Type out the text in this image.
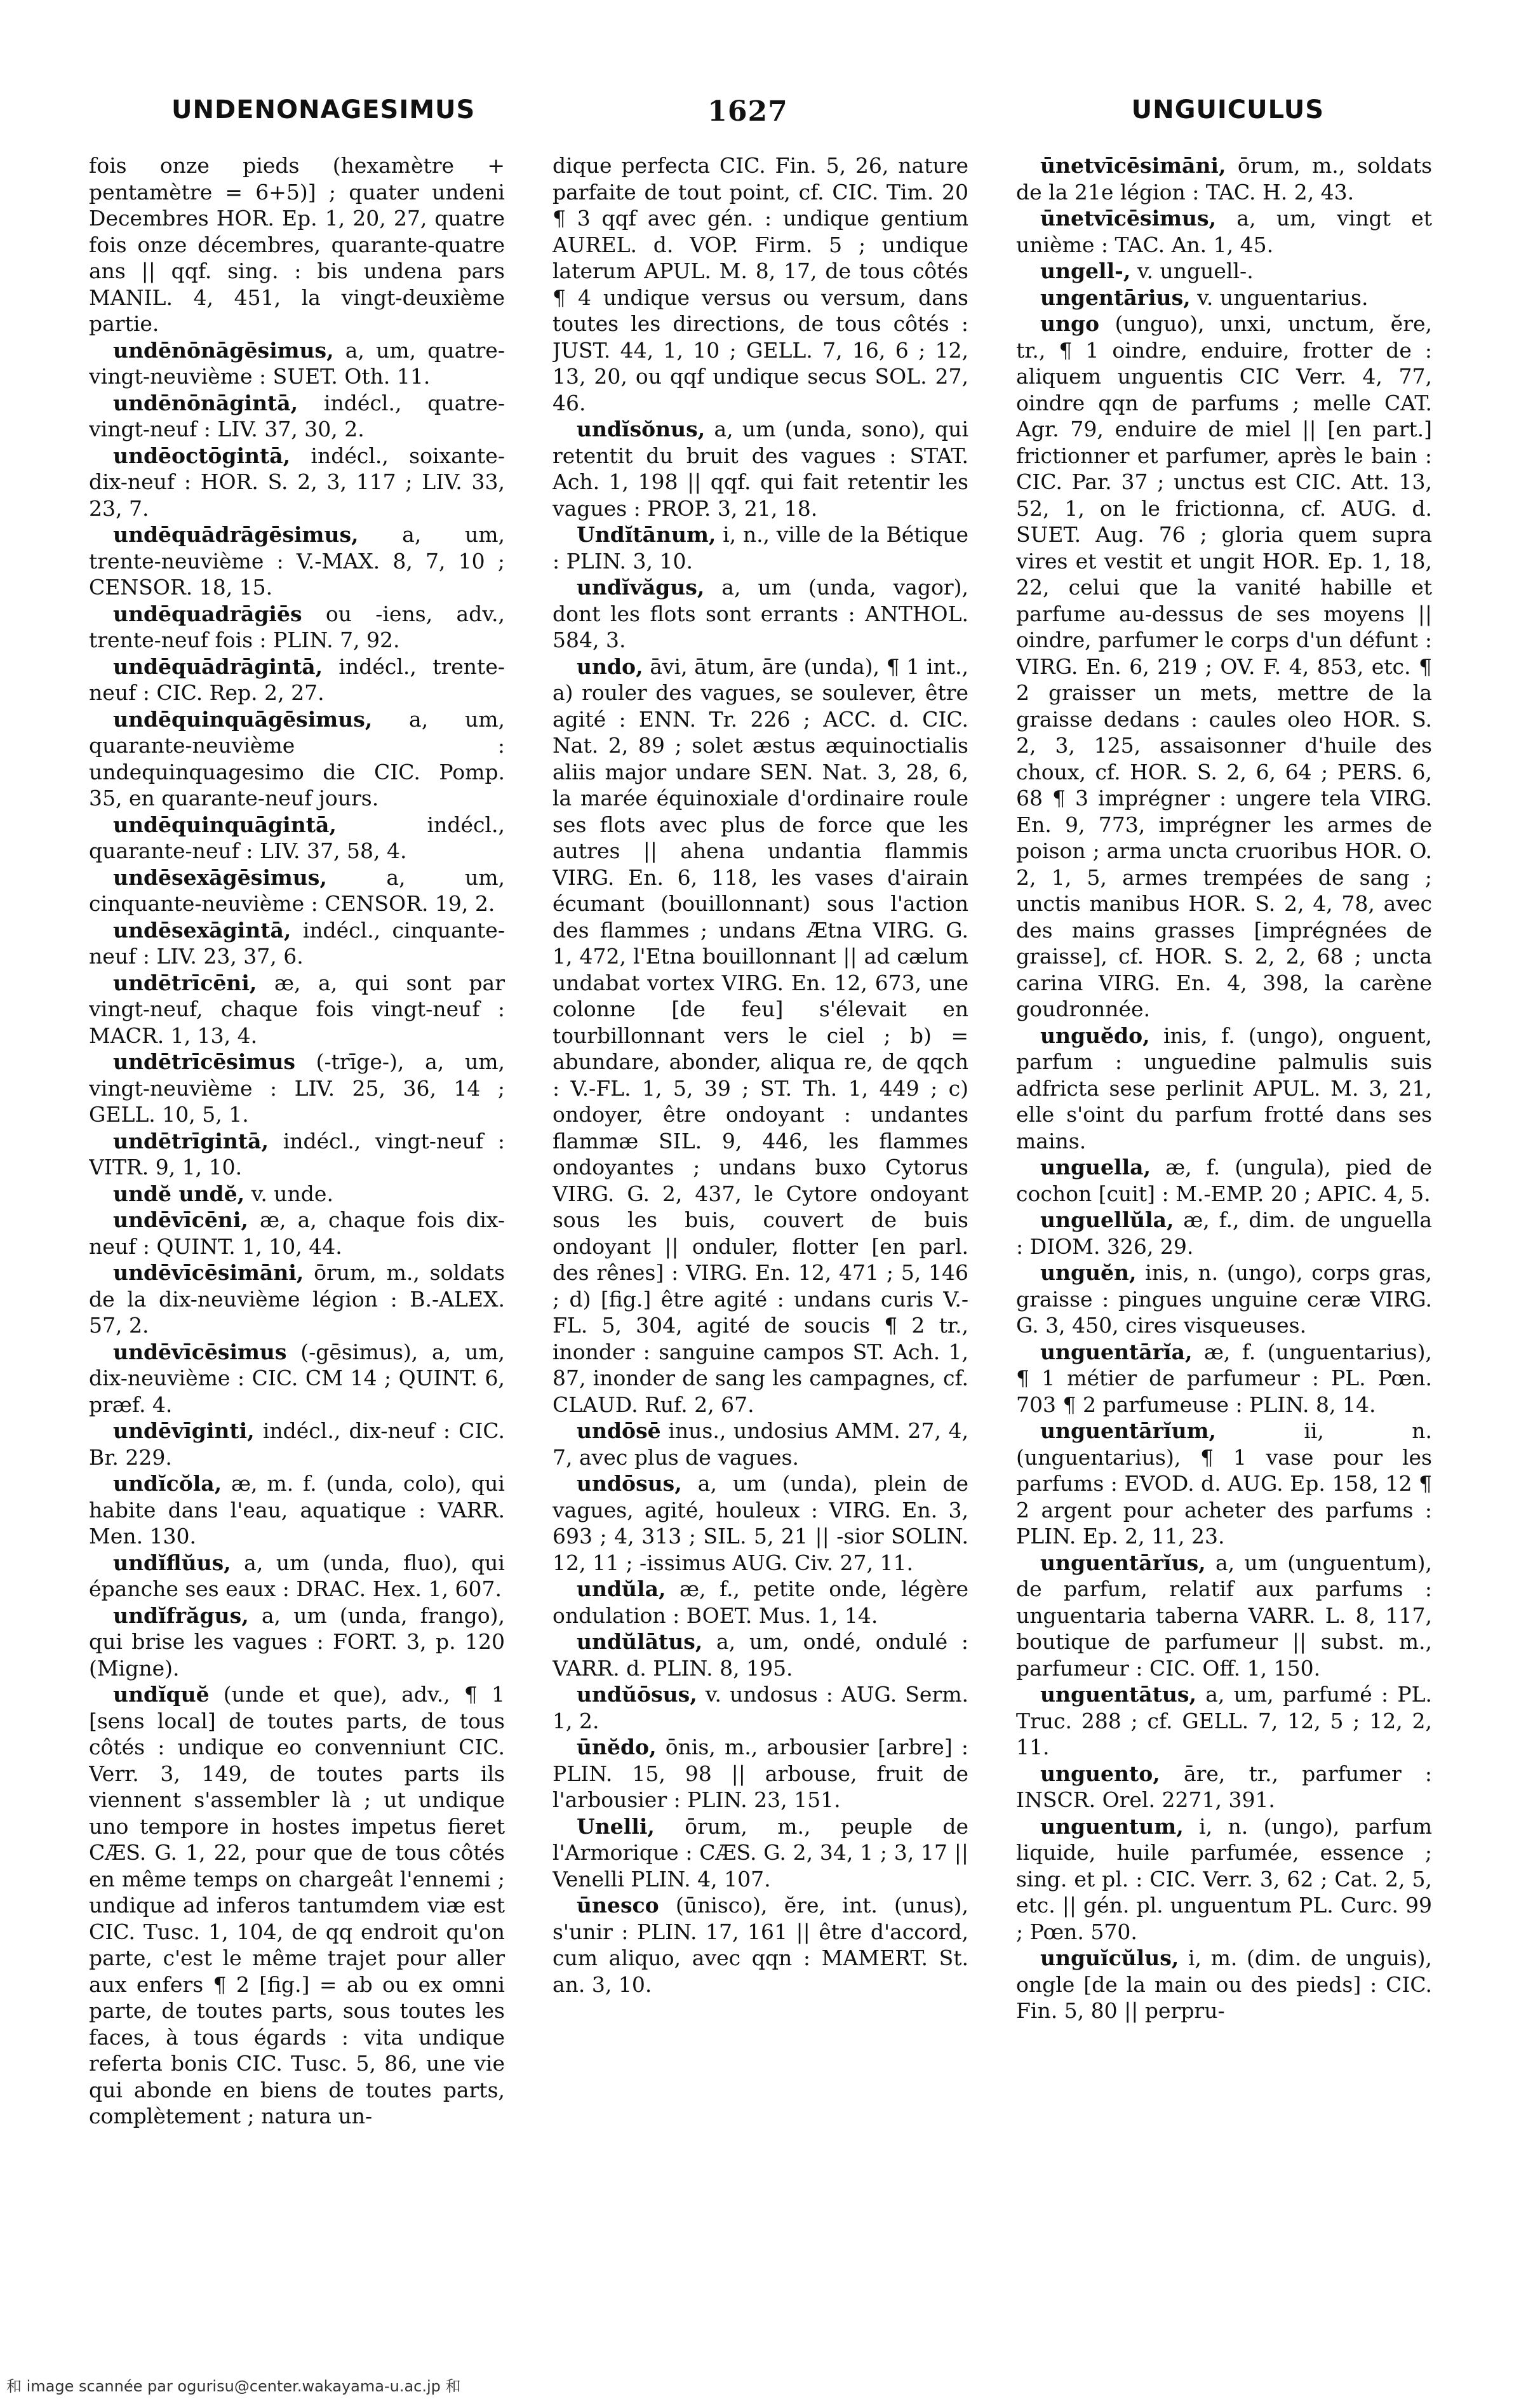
UNDENONAGESIMUS	1627	UNGUICULUS

fois onze pieds (hexamètre + pentamètre = 6+5)] ; quater undeni Decembres HOR. Ep. 1, 20, 27, quatre fois onze décembres, quarante-quatre ans || qqf. sing. : bis undena pars MANIL. 4, 451, la vingt-deuxième partie.

undēnōnāgēsimus, a, um, quatre-vingt-neuvième : SUET. Oth. 11.

undēnōnāgintā, indécl., quatre-vingt-neuf : LIV. 37, 30, 2.

undēoctōgintā, indécl., soixante-dix-neuf : HOR. S. 2, 3, 117 ; LIV. 33, 23, 7.

undēquādrāgēsimus, a, um, trente-neuvième : V.-MAX. 8, 7, 10 ; CENSOR. 18, 15.

undēquadrāgiēs ou -iens, adv., trente-neuf fois : PLIN. 7, 92.

undēquādrāgintā, indécl., trente-neuf : CIC. Rep. 2, 27.

undēquinquāgēsimus, a, um, quarante-neuvième : undequinquagesimo die CIC. Pomp. 35, en quarante-neuf jours.

undēquinquāgintā,	indécl., quarante-neuf : LIV. 37, 58, 4.

undēsexāgēsimus,	a, um, cinquante-neuvième : CENSOR. 19, 2.

undēsexāgintā, indécl., cinquante-neuf : LIV. 23, 37, 6.

undētrīcēni, æ, a, qui sont par vingt-neuf, chaque fois vingt-neuf : MACR. 1, 13, 4.

undētrīcēsimus (-trīge-), a, um, vingt-neuvième : LIV. 25, 36, 14 ; GELL. 10, 5, 1.

undētrīgintā, indécl., vingt-neuf : VITR. 9, 1, 10.

undĕ undĕ, v. unde.

undēvīcēni, æ, a, chaque fois dix-neuf : QUINT. 1, 10, 44.

undēvīcēsimāni, ōrum, m., soldats de la dix-neuvième légion : B.-ALEX. 57, 2.

undēvīcēsimus (-gēsimus), a, um, dix-neuvième : CIC. CM 14 ; QUINT. 6, præf. 4.

undēvīginti, indécl., dix-neuf : CIC. Br. 229.

undĭcŏla, æ, m. f. (unda, colo), qui habite dans l'eau, aquatique : VARR. Men. 130.

undĭflŭus, a, um (unda, fluo), qui épanche ses eaux : DRAC. Hex. 1, 607.

undĭfrăgus, a, um (unda, frango), qui brise les vagues : FORT. 3, p. 120 (Migne).

undĭquĕ (unde et que), adv., ¶ 1 [sens local] de toutes parts, de tous côtés : undique eo convenniunt CIC. Verr. 3, 149, de toutes parts ils viennent s'assembler là ; ut undique uno tempore in hostes impetus fieret CÆS. G. 1, 22, pour que de tous côtés en même temps on chargeât l'ennemi ; undique ad inferos tantumdem viæ est CIC. Tusc. 1, 104, de qq endroit qu'on parte, c'est le même trajet pour aller aux enfers ¶ 2 [fig.] = ab ou ex omni parte, de toutes parts, sous toutes les faces, à tous égards : vita undique referta bonis CIC. Tusc. 5, 86, une vie qui abonde en biens de toutes parts, complètement ; natura un-

dique perfecta CIC. Fin. 5, 26, nature parfaite de tout point, cf. CIC. Tim. 20 ¶ 3 qqf avec gén. : undique gentium AUREL. d. VOP. Firm. 5 ; undique laterum APUL. M. 8, 17, de tous côtés ¶ 4 undique versus ou versum, dans toutes les directions, de tous côtés : JUST. 44, 1, 10 ; GELL. 7, 16, 6 ; 12, 13, 20, ou qqf undique secus SOL. 27, 46.

undĭsŏnus, a, um (unda, sono), qui retentit du bruit des vagues : STAT. Ach. 1, 198 || qqf. qui fait retentir les vagues : PROP. 3, 21, 18.

Undĭtānum, i, n., ville de la Bétique : PLIN. 3, 10.

undĭvăgus, a, um (unda, vagor), dont les flots sont errants : ANTHOL. 584, 3.

undo, āvi, ātum, āre (unda), ¶ 1 int., a) rouler des vagues, se soulever, être agité : ENN. Tr. 226 ; ACC. d. CIC. Nat. 2, 89 ; solet æstus æquinoctialis aliis major undare SEN. Nat. 3, 28, 6, la marée équinoxiale d'ordinaire roule ses flots avec plus de force que les autres || ahena undantia flammis VIRG. En. 6, 118, les vases d'airain écumant (bouillonnant) sous l'action des flammes ; undans Ætna VIRG. G. 1, 472, l'Etna bouillonnant || ad cælum undabat vortex VIRG. En. 12, 673, une colonne [de feu] s'élevait en tourbillonnant vers le ciel ; b) = abundare, abonder, aliqua re, de qqch : V.-FL. 1, 5, 39 ; ST. Th. 1, 449 ; c) ondoyer, être ondoyant : undantes flammæ SIL. 9, 446, les flammes ondoyantes ; undans buxo Cytorus VIRG. G. 2, 437, le Cytore ondoyant sous les buis, couvert de buis ondoyant || onduler, flotter [en parl. des rênes] : VIRG. En. 12, 471 ; 5, 146 ; d) [fig.] être agité : undans curis V.-FL. 5, 304, agité de soucis ¶ 2 tr., inonder : sanguine campos ST. Ach. 1, 87, inonder de sang les campagnes, cf. CLAUD. Ruf. 2, 67.

undōsē inus., undosius AMM. 27, 4, 7, avec plus de vagues.

undōsus, a, um (unda), plein de vagues, agité, houleux : VIRG. En. 3, 693 ; 4, 313 ; SIL. 5, 21 || -sior SOLIN. 12, 11 ; -issimus AUG. Civ. 27, 11.

undŭla, æ, f., petite onde, légère ondulation : BOET. Mus. 1, 14.

undŭlātus, a, um, ondé, ondulé : VARR. d. PLIN. 8, 195.

undŭōsus, v. undosus : AUG. Serm. 1, 2.

ūnĕdo, ōnis, m., arbousier [arbre] : PLIN. 15, 98 || arbouse, fruit de l'arbousier : PLIN. 23, 151.

Unelli, ōrum, m., peuple de l'Armorique : CÆS. G. 2, 34, 1 ; 3, 17 || Venelli PLIN. 4, 107.

ūnesco (ūnisco), ĕre, int. (unus), s'unir : PLIN. 17, 161 || être d'accord, cum aliquo, avec qqn : MAMERT. St. an. 3, 10.

ūnetvīcēsimāni, ōrum, m., soldats de la 21e légion : TAC. H. 2, 43.

ūnetvīcēsimus, a, um, vingt et unième : TAC. An. 1, 45.

ungell-, v. unguell-.

ungentārius, v. unguentarius.

ungo (unguo), unxi, unctum, ĕre, tr., ¶ 1 oindre, enduire, frotter de : aliquem unguentis CIC Verr. 4, 77, oindre qqn de parfums ; melle CAT. Agr. 79, enduire de miel || [en part.] frictionner et parfumer, après le bain : CIC. Par. 37 ; unctus est CIC. Att. 13, 52, 1, on le frictionna, cf. AUG. d. SUET. Aug. 76 ; gloria quem supra vires et vestit et ungit HOR. Ep. 1, 18, 22, celui que la vanité habille et parfume au-dessus de ses moyens || oindre, parfumer le corps d'un défunt : VIRG. En. 6, 219 ; OV. F. 4, 853, etc. ¶ 2 graisser un mets, mettre de la graisse dedans : caules oleo HOR. S. 2, 3, 125, assaisonner d'huile des choux, cf. HOR. S. 2, 6, 64 ; PERS. 6, 68 ¶ 3 imprégner : ungere tela VIRG. En. 9, 773, imprégner les armes de poison ; arma uncta cruoribus HOR. O. 2, 1, 5, armes trempées de sang ; unctis manibus HOR. S. 2, 4, 78, avec des mains grasses [imprégnées de graisse], cf. HOR. S. 2, 2, 68 ; uncta carina VIRG. En. 4, 398, la carène goudronnée.

unguĕdo, inis, f. (ungo), onguent, parfum : unguedine palmulis suis adfricta sese perlinit APUL. M. 3, 21, elle s'oint du parfum frotté dans ses mains.

unguella, æ, f. (ungula), pied de cochon [cuit] : M.-EMP. 20 ; APIC. 4, 5.

unguellŭla, æ, f., dim. de unguella : DIOM. 326, 29.

unguĕn, inis, n. (ungo), corps gras, graisse : pingues unguine ceræ VIRG. G. 3, 450, cires visqueuses.

unguentārĭa, æ, f. (unguentarius), ¶ 1 métier de parfumeur : PL. Pœn. 703 ¶ 2 parfumeuse : PLIN. 8, 14.

unguentārĭum,	ii, n. (unguentarius), ¶ 1 vase pour les parfums : EVOD. d. AUG. Ep. 158, 12 ¶ 2 argent pour acheter des parfums : PLIN. Ep. 2, 11, 23.

unguentārĭus, a, um (unguentum), de parfum, relatif aux parfums : unguentaria taberna VARR. L. 8, 117, boutique de parfumeur || subst. m., parfumeur : CIC. Off. 1, 150.

unguentātus, a, um, parfumé : PL. Truc. 288 ; cf. GELL. 7, 12, 5 ; 12, 2, 11.

unguento, āre, tr., parfumer : INSCR. Orel. 2271, 391.

unguentum, i, n. (ungo), parfum liquide, huile parfumée, essence ; sing. et pl. : CIC. Verr. 3, 62 ; Cat. 2, 5, etc. || gén. pl. unguentum PL. Curc. 99 ; Pœn. 570.

unguĭcŭlus, i, m. (dim. de unguis), ongle [de la main ou des pieds] : CIC. Fin. 5, 80 || perpru-

和 image scannée par ogurisu@center.wakayama-u.ac.jp 和
